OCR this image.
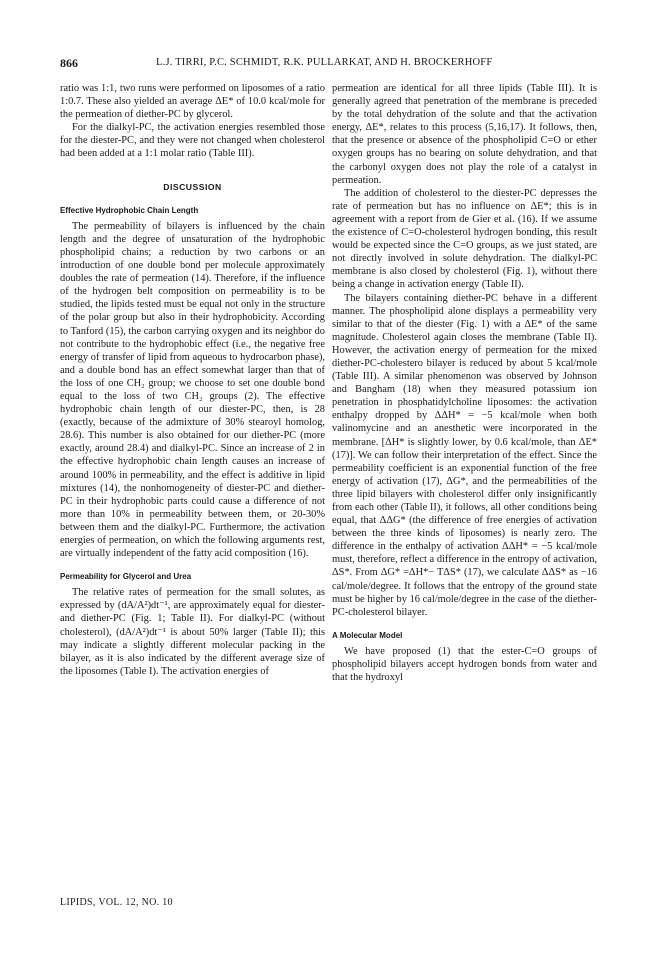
866	L.J. TIRRI, P.C. SCHMIDT, R.K. PULLARKAT, AND H. BROCKERHOFF

ratio was 1:1, two runs were performed on liposomes of a ratio 1:0.7. These also yielded an average ΔE* of 10.0 kcal/mole for the permeation of diether-PC by glycerol.

For the dialkyl-PC, the activation energies resembled those for the diester-PC, and they were not changed when cholesterol had been added at a 1:1 molar ratio (Table III).

DISCUSSION
Effective Hydrophobic Chain Length

The permeability of bilayers is influenced by the chain length and the degree of unsaturation of the hydrophobic phospholipid chains; a reduction by two carbons or an introduction of one double bond per molecule approximately doubles the rate of permeation (14). Therefore, if the influence of the hydrogen belt composition on permeability is to be studied, the lipids tested must be equal not only in the structure of the polar group but also in their hydrophobicity. According to Tanford (15), the carbon carrying oxygen and its neighbor do not contribute to the hydrophobic effect (i.e., the negative free energy of transfer of lipid from aqueous to hydrocarbon phase), and a double bond has an effect somewhat larger than that of the loss of one CH₂ group; we choose to set one double bond equal to the loss of two CH₂ groups (2). The effective hydrophobic chain length of our diester-PC, then, is 28 (exactly, because of the admixture of 30% stearoyl homolog, 28.6). This number is also obtained for our diether-PC (more exactly, around 28.4) and dialkyl-PC. Since an increase of 2 in the effective hydrophobic chain length causes an increase of around 100% in permeability, and the effect is additive in lipid mixtures (14), the nonhomogeneity of diester-PC and diether-PC in their hydrophobic parts could cause a difference of not more than 10% in permeability between them, or 20-30% between them and the dialkyl-PC. Furthermore, the activation energies of permeation, on which the following arguments rest, are virtually independent of the fatty acid composition (16).

Permeability for Glycerol and Urea

The relative rates of permeation for the small solutes, as expressed by (dA/A²)dt⁻¹, are approximately equal for diester- and diether-PC (Fig. 1; Table II). For dialkyl-PC (without cholesterol), (dA/A²)dt⁻¹ is about 50% larger (Table II); this may indicate a slightly different molecular packing in the bilayer, as it is also indicated by the different average size of the liposomes (Table I). The activation energies of

permeation are identical for all three lipids (Table III). It is generally agreed that penetration of the membrane is preceded by the total dehydration of the solute and that the activation energy, ΔE*, relates to this process (5,16,17). It follows, then, that the presence or absence of the phospholipid C=O or ether oxygen groups has no bearing on solute dehydration, and that the carbonyl oxygen does not play the role of a catalyst in permeation.

The addition of cholesterol to the diester-PC depresses the rate of permeation but has no influence on ΔE*; this is in agreement with a report from de Gier et al. (16). If we assume the existence of C=O-cholesterol hydrogen bonding, this result would be expected since the C=O groups, as we just stated, are not directly involved in solute dehydration. The dialkyl-PC membrane is also closed by cholesterol (Fig. 1), without there being a change in activation energy (Table II).

The bilayers containing diether-PC behave in a different manner. The phospholipid alone displays a permeability very similar to that of the diester (Fig. 1) with a ΔE* of the same magnitude. Cholesterol again closes the membrane (Table II). However, the activation energy of permeation for the mixed diether-PC-cholestero bilayer is reduced by about 5 kcal/mole (Table III). A similar phenomenon was observed by Johnson and Bangham (18) when they measured potassium ion penetration in phosphatidylcholine liposomes: the activation enthalpy dropped by ΔΔH* = −5 kcal/mole when both valinomycine and an anesthetic were incorporated in the membrane. [ΔH* is slightly lower, by 0.6 kcal/mole, than ΔE* (17)]. We can follow their interpretation of the effect. Since the permeability coefficient is an exponential function of the free energy of activation (17), ΔG*, and the permeabilities of the three lipid bilayers with cholesterol differ only insignificantly from each other (Table II), it follows, all other conditions being equal, that ΔΔG* (the difference of free energies of activation between the three kinds of liposomes) is nearly zero. The difference in the enthalpy of activation ΔΔH* = −5 kcal/mole must, therefore, reflect a difference in the entropy of activation, ΔS*. From ΔG* =ΔH*− TΔS* (17), we calculate ΔΔS* as −16 cal/mole/degree. It follows that the entropy of the ground state must be higher by 16 cal/mole/degree in the case of the diether-PC-cholesterol bilayer.

A Molecular Model

We have proposed (1) that the ester-C=O groups of phospholipid bilayers accept hydrogen bonds from water and that the hydroxyl

LIPIDS, VOL. 12, NO. 10
